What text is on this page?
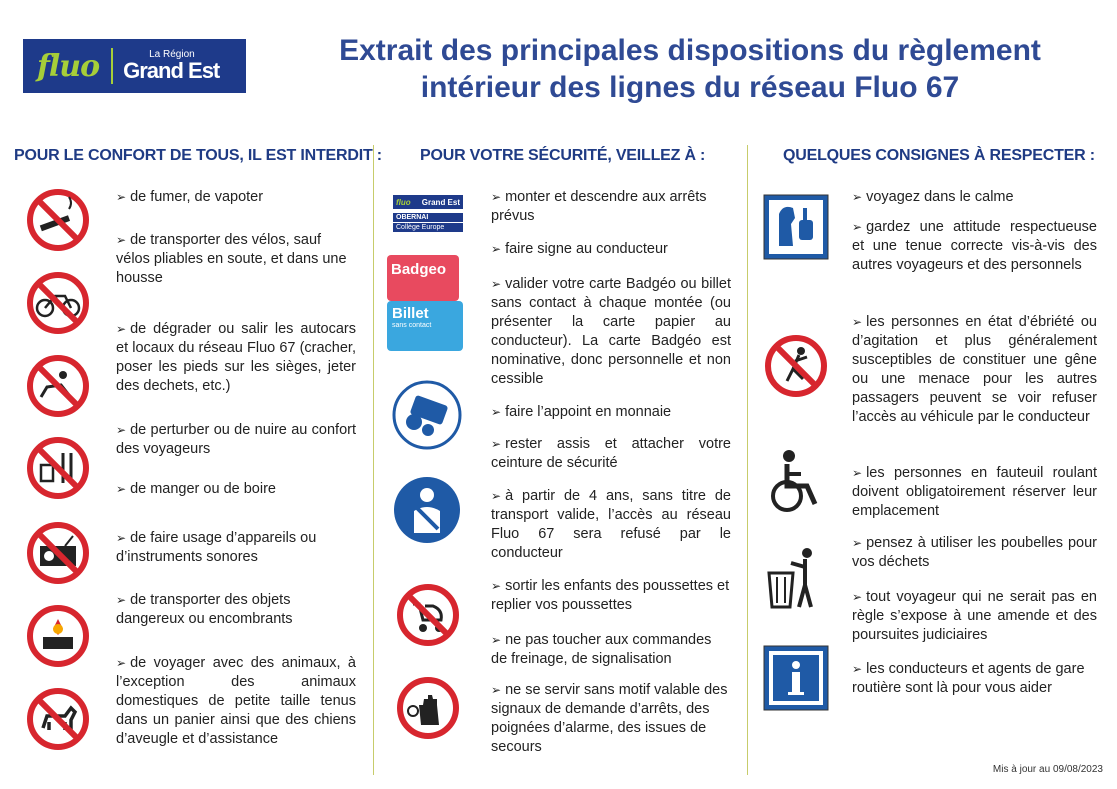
fluo	La Région
Grand Est
Extrait des principales dispositions du règlement
intérieur des lignes du réseau Fluo 67
POUR LE CONFORT DE TOUS, IL EST INTERDIT : POUR VOTRE SÉCURITÉ, VEILLEZ À :	QUELQUES CONSIGNES À RESPECTER :
➢ de fumer, de vapoter
➢ de transporter des vélos, sauf vélos pliables en soute, et dans une housse
➢ de dégrader ou salir les autocars et locaux du réseau Fluo 67 (cracher, poser les pieds sur les sièges, jeter des dechets, etc.)
➢ de perturber ou de nuire au confort des voyageurs
➢ de manger ou de boire
➢ de faire usage d’appareils ou d’instruments sonores
➢ de transporter des objets dangereux ou encombrants
➢ de voyager avec des animaux, à l’exception des animaux domestiques de petite taille tenus dans un panier ainsi que des chiens d’aveugle et d’assistance
fluo Grand Est
OBERNAI
Collège Europe
Badgeo
Billet
sans contact
➢ monter et descendre aux arrêts prévus
➢ faire signe au conducteur
➢ valider votre carte Badgéo ou billet sans contact à chaque montée (ou présenter la carte papier au conducteur). La carte Badgéo est nominative, donc personnelle et non cessible
➢ faire l’appoint en monnaie
➢ rester assis et attacher votre ceinture de sécurité
➢ à partir de 4 ans, sans titre de transport valide, l’accès au réseau Fluo 67 sera refusé par le conducteur
➢ sortir les enfants des poussettes et replier vos poussettes
➢ ne pas toucher aux commandes de freinage, de signalisation
➢ ne se servir sans motif valable des signaux de demande d’arrêts, des poignées d’alarme, des issues de secours
➢ voyagez dans le calme
➢ gardez une attitude respectueuse et une tenue correcte vis-à-vis des autres voyageurs et des personnels
➢ les personnes en état d’ébriété ou d’agitation et plus généralement susceptibles de constituer une gêne ou une menace pour les autres passagers peuvent se voir refuser l’accès au véhicule par le conducteur
➢ les personnes en fauteuil roulant doivent obligatoirement réserver leur emplacement
➢ pensez à utiliser les poubelles pour vos déchets
➢ tout voyageur qui ne serait pas en règle s’expose à une amende et des poursuites judiciaires
➢ les conducteurs et agents de gare routière sont là pour vous aider
Mis à jour au 09/08/2023
